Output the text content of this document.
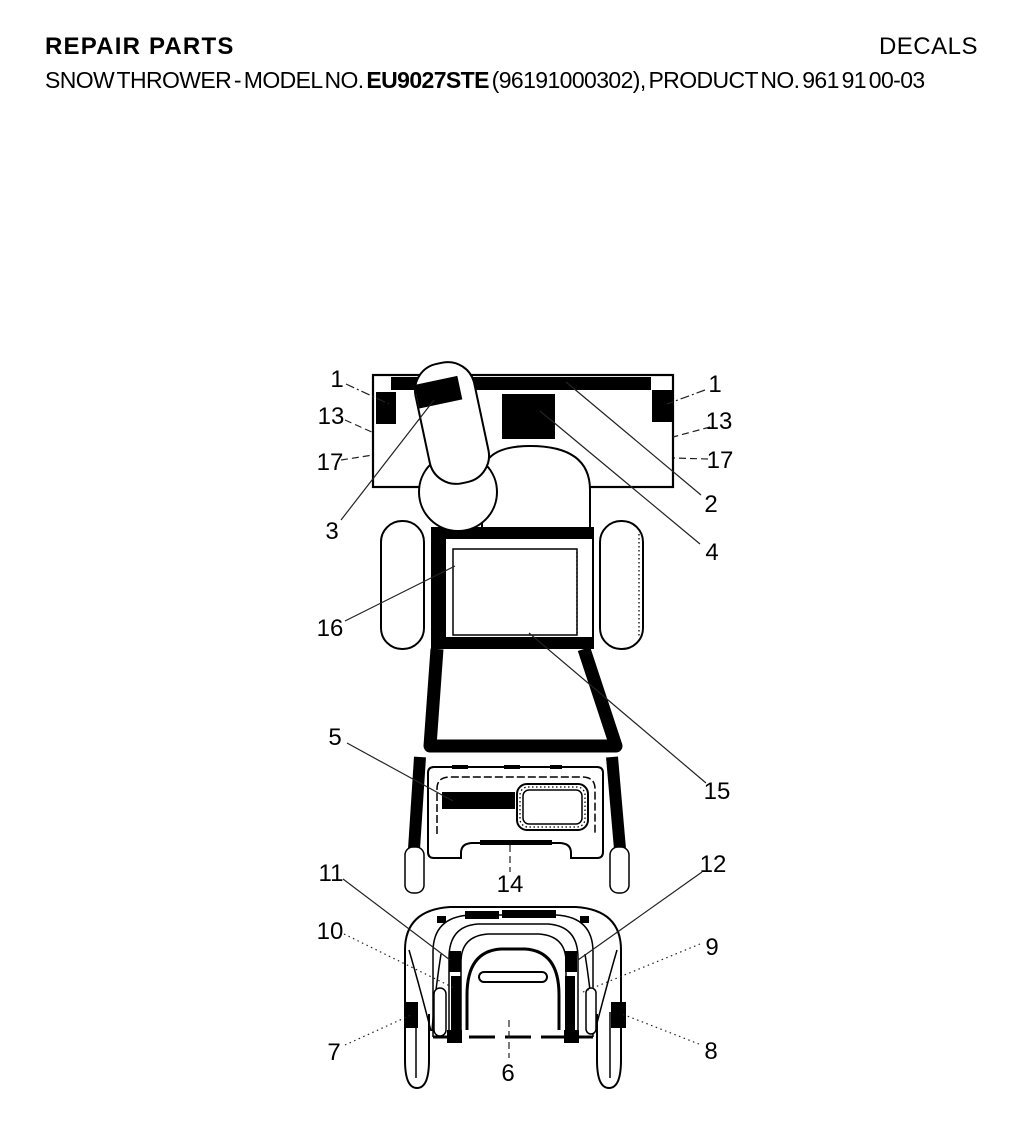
REPAIR PARTS	DECALS
SNOW THROWER - MODEL NO. EU9027STE (96191000302), PRODUCT NO. 961 91 00-03
1
13
17
3
16
5
11
10
7
1
13
17
2
4
15
12
9
8
14
6
